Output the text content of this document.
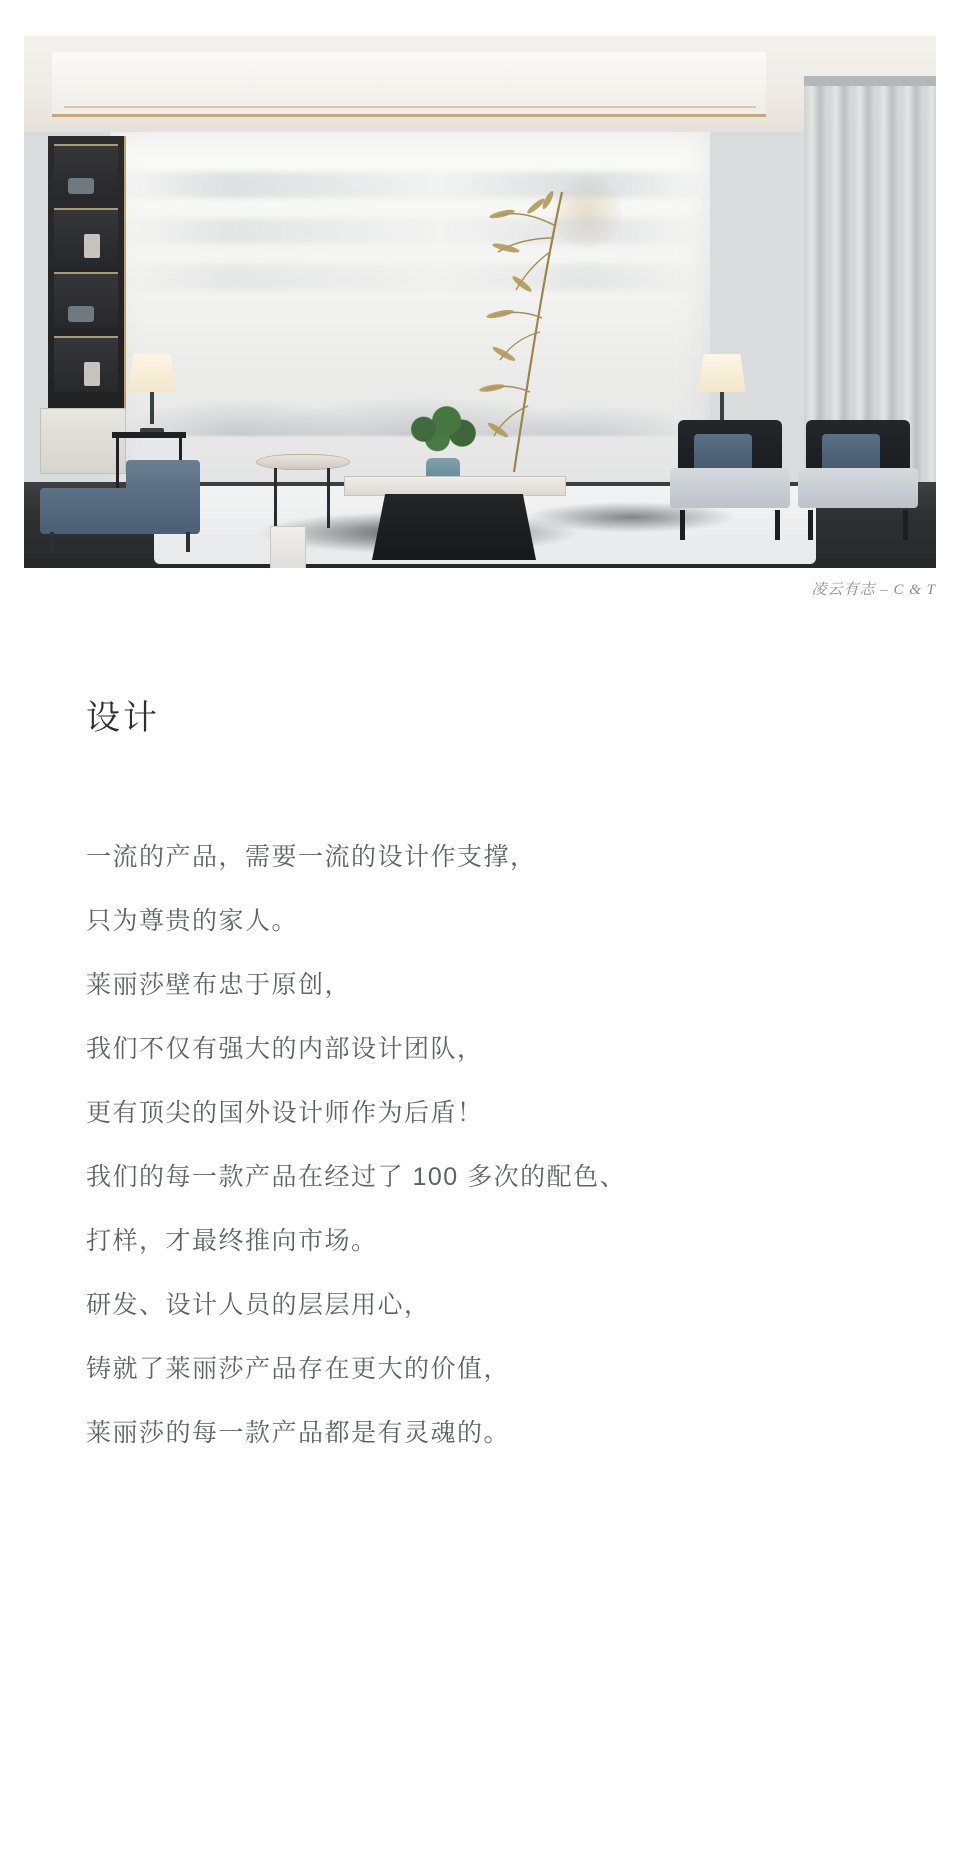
凌云有志 – C & T
设计

一流的产品，需要一流的设计作支撑，

只为尊贵的家人。

莱丽莎壁布忠于原创，

我们不仅有强大的内部设计团队，

更有顶尖的国外设计师作为后盾！

我们的每一款产品在经过了 100 多次的配色、

打样，才最终推向市场。

研发、设计人员的层层用心，

铸就了莱丽莎产品存在更大的价值，

莱丽莎的每一款产品都是有灵魂的。
